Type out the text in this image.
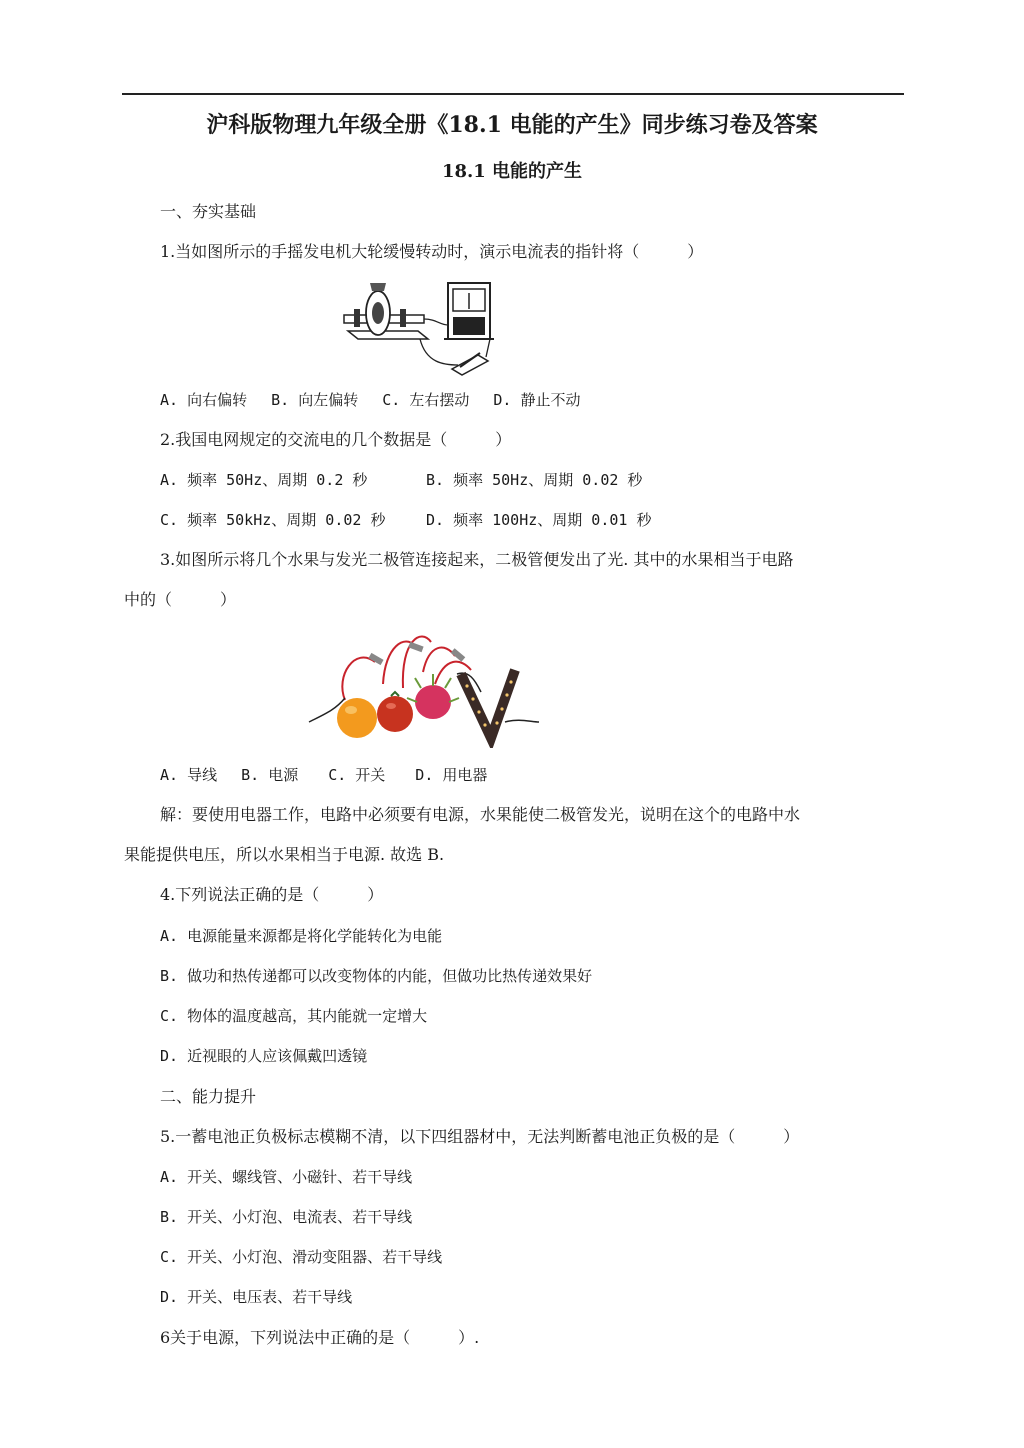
沪科版物理九年级全册《18.1 电能的产生》同步练习卷及答案
18.1 电能的产生
一、夯实基础
1.当如图所示的手摇发电机大轮缓慢转动时，演示电流表的指针将（　　　）
A. 向右偏转　 B. 向左偏转　 C. 左右摆动　 D. 静止不动
2.我国电网规定的交流电的几个数据是（　　　）
A. 频率 50Hz、周期 0.2 秒	B. 频率 50Hz、周期 0.02 秒
C. 频率 50kHz、周期 0.02 秒	D. 频率 100Hz、周期 0.01 秒
3.如图所示将几个水果与发光二极管连接起来，二极管便发出了光. 其中的水果相当于电路
中的（　　　）
A. 导线　 B. 电源　　C. 开关　　D. 用电器
解：要使用电器工作，电路中必须要有电源，水果能使二极管发光，说明在这个的电路中水
果能提供电压，所以水果相当于电源. 故选 B.
4.下列说法正确的是（　　　）
A. 电源能量来源都是将化学能转化为电能
B. 做功和热传递都可以改变物体的内能，但做功比热传递效果好
C. 物体的温度越高，其内能就一定增大
D. 近视眼的人应该佩戴凹透镜
二、能力提升
5.一蓄电池正负极标志模糊不清，以下四组器材中，无法判断蓄电池正负极的是（　　　）
A. 开关、螺线管、小磁针、若干导线
B. 开关、小灯泡、电流表、若干导线
C. 开关、小灯泡、滑动变阻器、若干导线
D. 开关、电压表、若干导线
6关于电源，下列说法中正确的是（　　　）.
